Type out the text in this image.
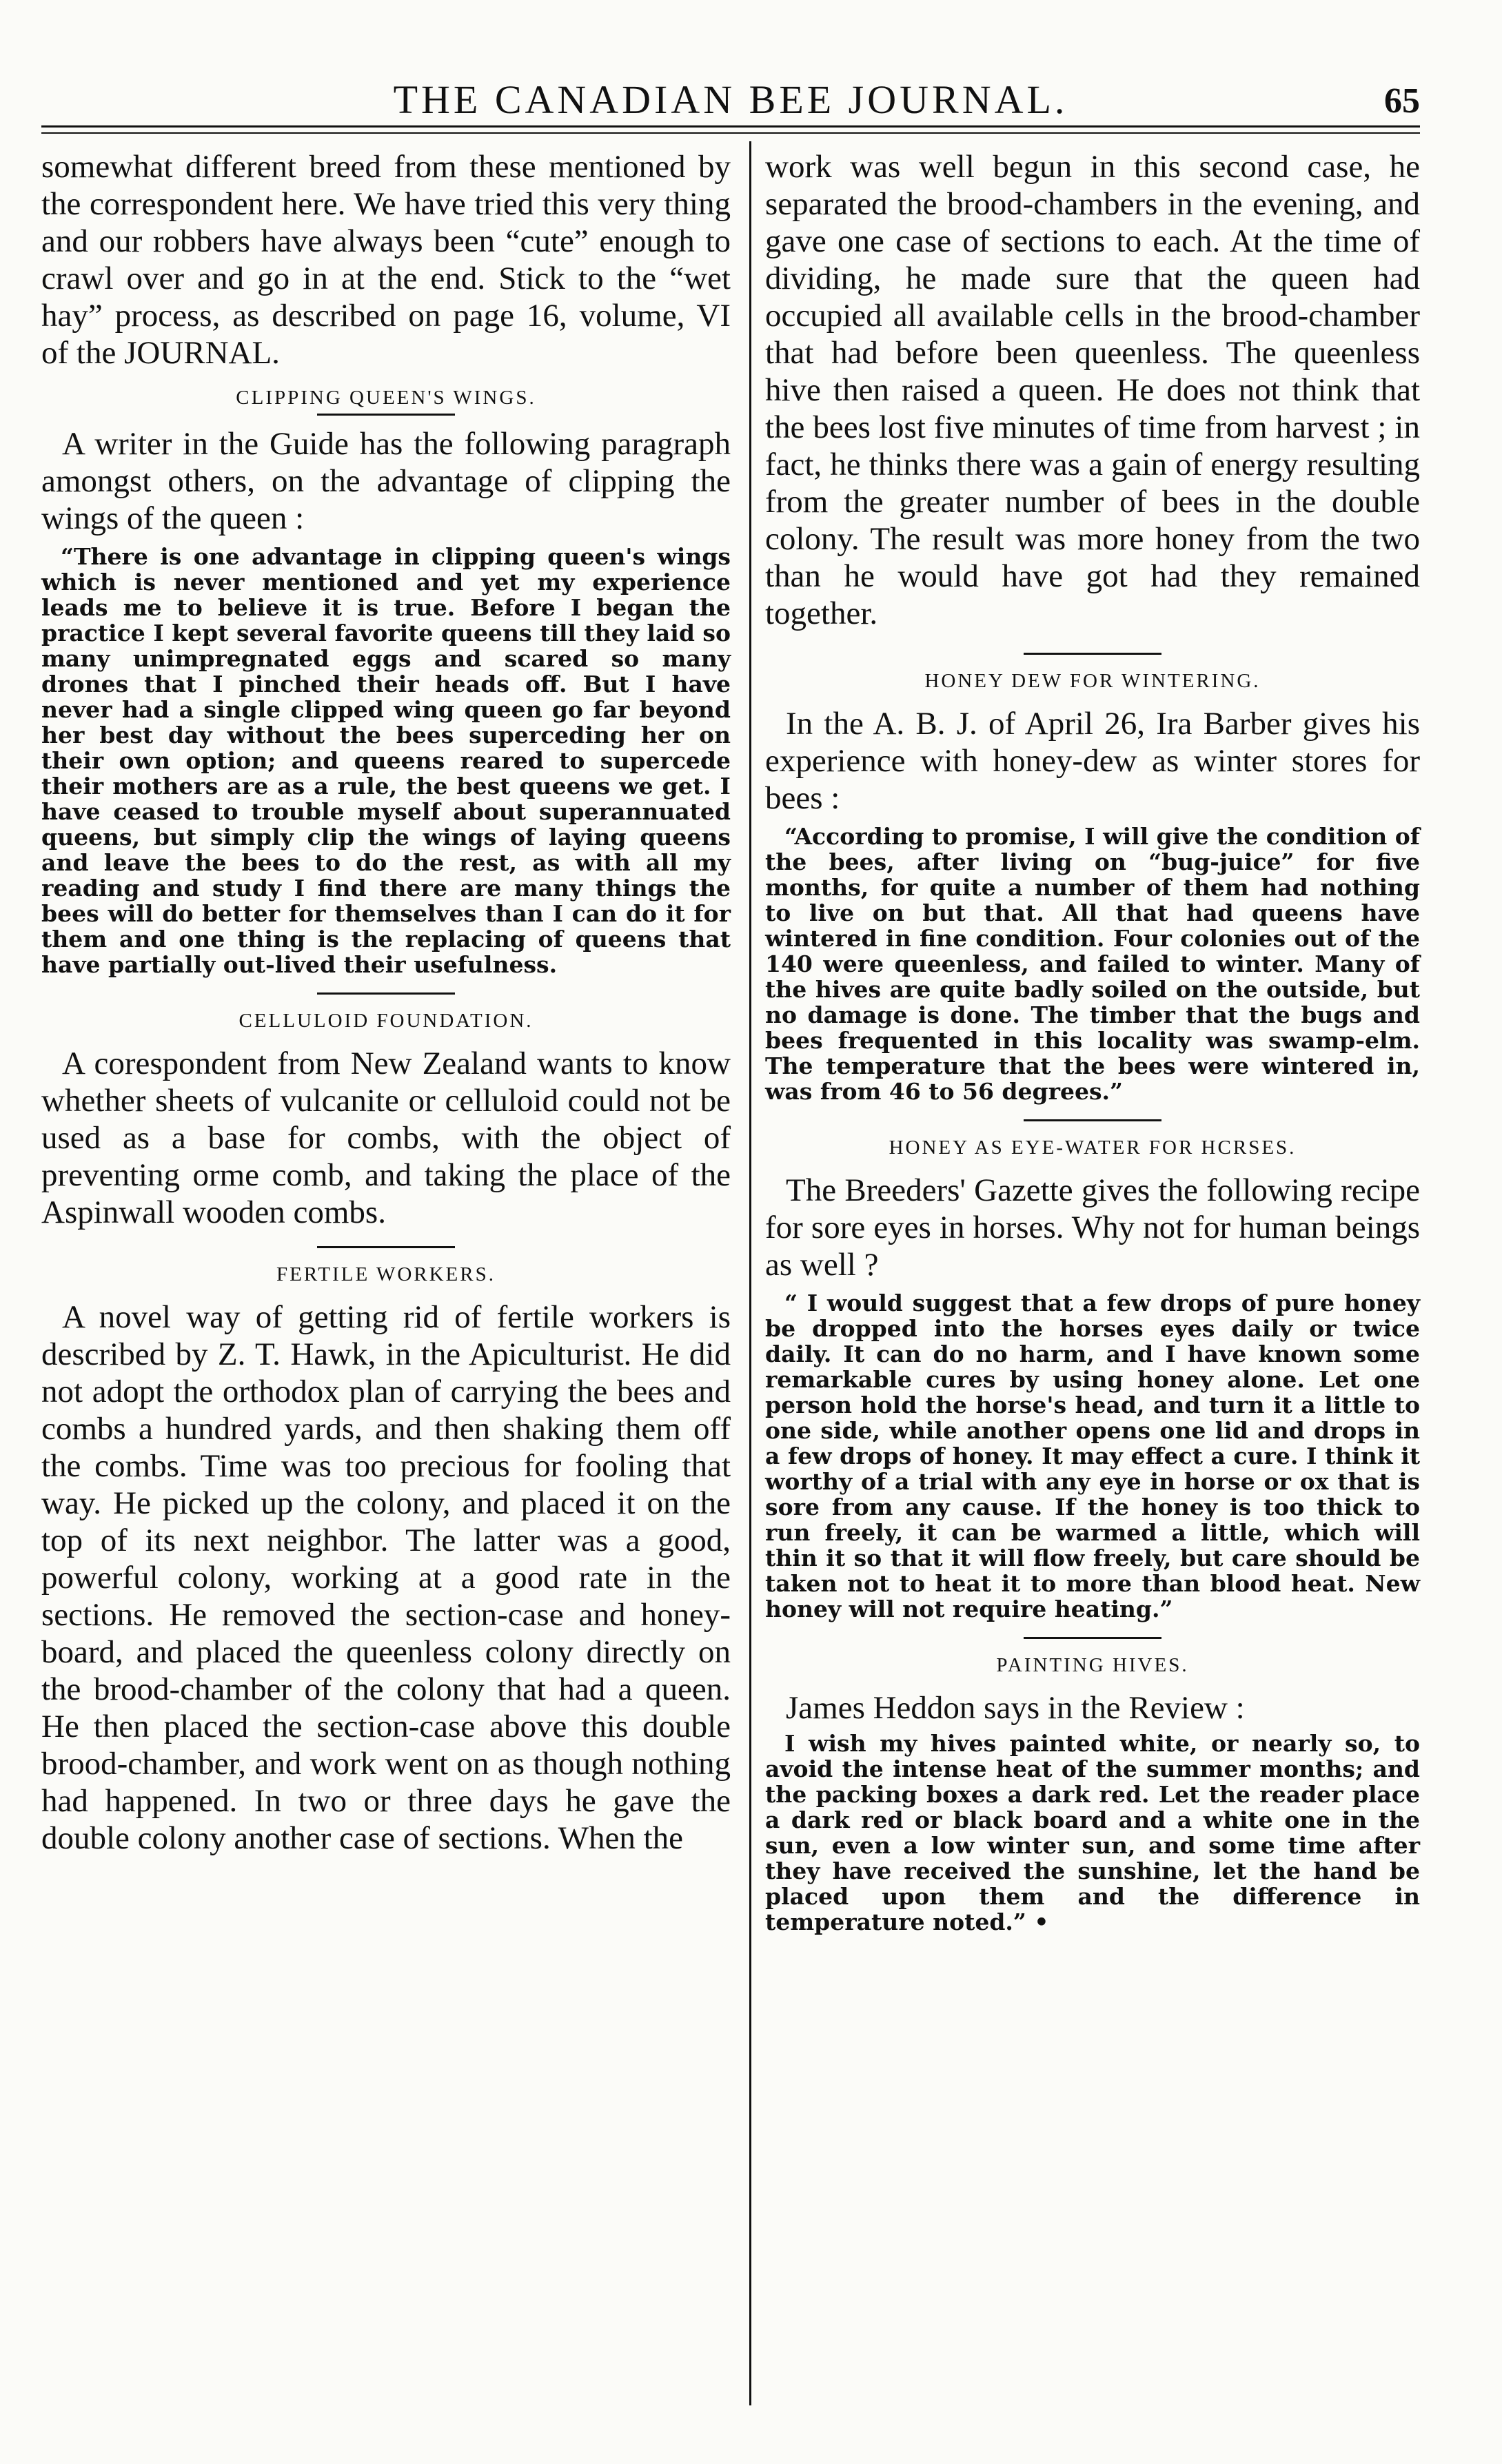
THE CANADIAN BEE JOURNAL.	65

somewhat different breed from these mentioned by the correspondent here. We have tried this very thing and our robbers have always been “cute” enough to crawl over and go in at the end. Stick to the “wet hay” process, as described on page 16, volume, VI of the JOURNAL.

CLIPPING QUEEN'S WINGS.

A writer in the Guide has the following paragraph amongst others, on the advantage of clipping the wings of the queen :

“There is one advantage in clipping queen's wings which is never mentioned and yet my experience leads me to believe it is true. Before I began the practice I kept several favorite queens till they laid so many unimpregnated eggs and scared so many drones that I pinched their heads off. But I have never had a single clipped wing queen go far beyond her best day without the bees superceding her on their own option; and queens reared to supercede their mothers are as a rule, the best queens we get. I have ceased to trouble myself about superannuated queens, but simply clip the wings of laying queens and leave the bees to do the rest, as with all my reading and study I find there are many things the bees will do better for themselves than I can do it for them and one thing is the replacing of queens that have partially out-lived their usefulness.

CELLULOID FOUNDATION.

A corespondent from New Zealand wants to know whether sheets of vulcanite or celluloid could not be used as a base for combs, with the object of preventing orme comb, and taking the place of the Aspinwall wooden combs.

FERTILE WORKERS.

A novel way of getting rid of fertile workers is described by Z. T. Hawk, in the Apiculturist. He did not adopt the orthodox plan of carrying the bees and combs a hundred yards, and then shaking them off the combs. Time was too precious for fooling that way. He picked up the colony, and placed it on the top of its next neighbor. The latter was a good, powerful colony, working at a good rate in the sections. He removed the section-case and honey-board, and placed the queenless colony directly on the brood-chamber of the colony that had a queen. He then placed the section-case above this double brood-chamber, and work went on as though nothing had happened. In two or three days he gave the double colony another case of sections. When the

work was well begun in this second case, he separated the brood-chambers in the evening, and gave one case of sections to each. At the time of dividing, he made sure that the queen had occupied all available cells in the brood-chamber that had before been queenless. The queenless hive then raised a queen. He does not think that the bees lost five minutes of time from harvest ; in fact, he thinks there was a gain of energy resulting from the greater number of bees in the double colony. The result was more honey from the two than he would have got had they remained together.

HONEY DEW FOR WINTERING.

In the A. B. J. of April 26, Ira Barber gives his experience with honey-dew as winter stores for bees :

“According to promise, I will give the condition of the bees, after living on “bug-juice” for five months, for quite a number of them had nothing to live on but that. All that had queens have wintered in fine condition. Four colonies out of the 140 were queenless, and failed to winter. Many of the hives are quite badly soiled on the outside, but no damage is done. The timber that the bugs and bees frequented in this locality was swamp-elm. The temperature that the bees were wintered in, was from 46 to 56 degrees.”

HONEY AS EYE-WATER FOR HCRSES.

The Breeders' Gazette gives the following recipe for sore eyes in horses. Why not for human beings as well ?

“ I would suggest that a few drops of pure honey be dropped into the horses eyes daily or twice daily. It can do no harm, and I have known some remarkable cures by using honey alone. Let one person hold the horse's head, and turn it a little to one side, while another opens one lid and drops in a few drops of honey. It may effect a cure. I think it worthy of a trial with any eye in horse or ox that is sore from any cause. If the honey is too thick to run freely, it can be warmed a little, which will thin it so that it will flow freely, but care should be taken not to heat it to more than blood heat. New honey will not require heating.”

PAINTING HIVES.

James Heddon says in the Review :

I wish my hives painted white, or nearly so, to avoid the intense heat of the summer months; and the packing boxes a dark red. Let the reader place a dark red or black board and a white one in the sun, even a low winter sun, and some time after they have received the sunshine, let the hand be placed upon them and the difference in temperature noted.” •
